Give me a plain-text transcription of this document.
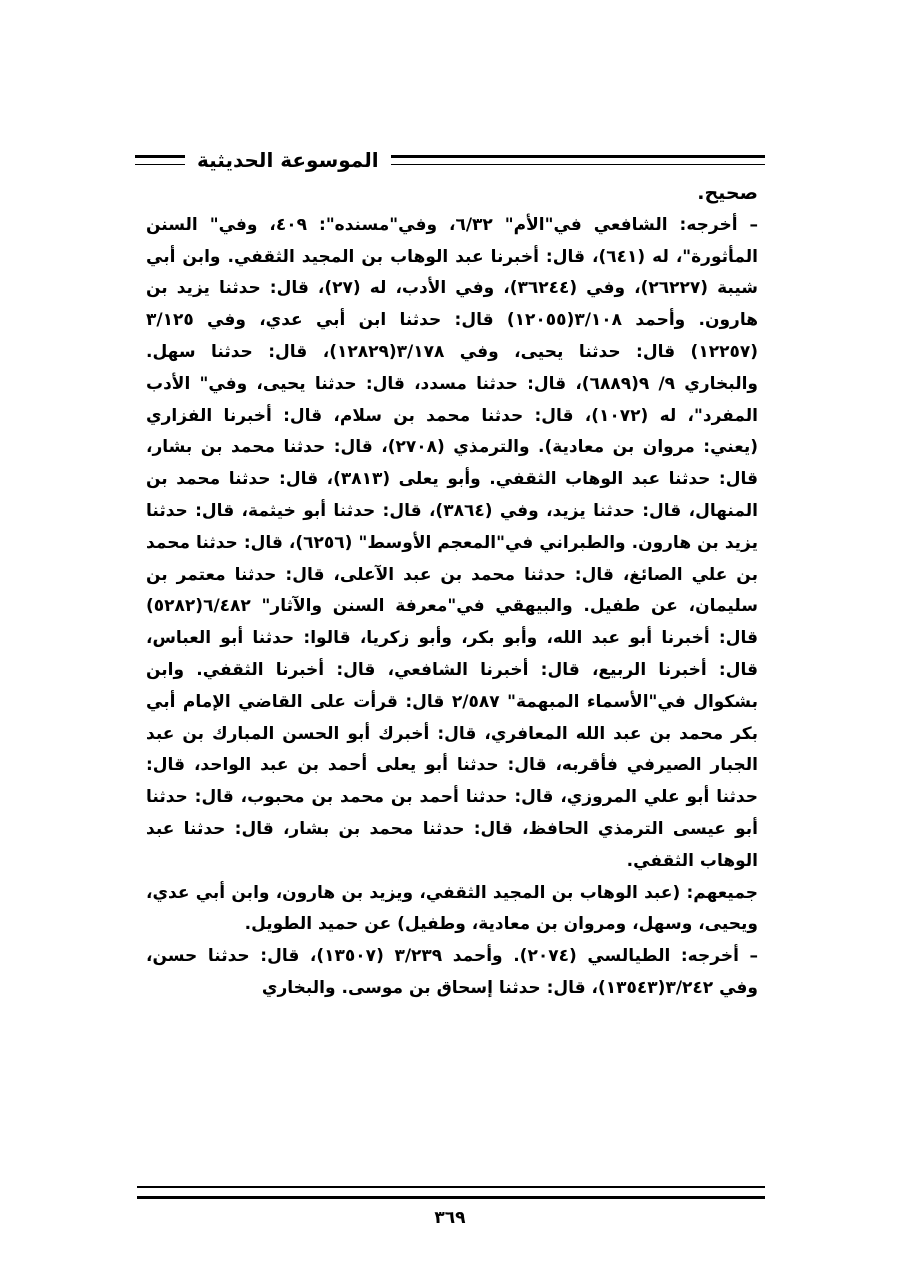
الموسوعة الحديثية

صحيح.

– أخرجه: الشافعي في"الأم" ٦/٣٢، وفي"مسنده": ٤٠٩، وفي" السنن المأثورة"، له (٦٤١)، قال: أخبرنا عبد الوهاب بن المجيد الثقفي. وابن أبي شيبة (٢٦٢٢٧)، وفي (٣٦٢٤٤)، وفي الأدب، له (٢٧)، قال: حدثنا يزيد بن هارون. وأحمد ٣/١٠٨(١٢٠٥٥) قال: حدثنا ابن أبي عدي، وفي ٣/١٢٥ (١٢٢٥٧) قال: حدثنا يحيى، وفي ٣/١٧٨(١٢٨٢٩)، قال: حدثنا سهل. والبخاري ٩/ ٩(٦٨٨٩)، قال: حدثنا مسدد، قال: حدثنا يحيى، وفي" الأدب المفرد"، له (١٠٧٢)، قال: حدثنا محمد بن سلام، قال: أخبرنا الفزاري (يعني: مروان بن معادية). والترمذي (٢٧٠٨)، قال: حدثنا محمد بن بشار، قال: حدثنا عبد الوهاب الثقفي. وأبو يعلى (٣٨١٣)، قال: حدثنا محمد بن المنهال، قال: حدثنا يزيد، وفي (٣٨٦٤)، قال: حدثنا أبو خيثمة، قال: حدثنا يزيد بن هارون. والطبراني في"المعجم الأوسط" (٦٢٥٦)، قال: حدثنا محمد بن علي الصائغ، قال: حدثنا محمد بن عبد الآعلى، قال: حدثنا معتمر بن سليمان، عن طفيل. والبيهقي في"معرفة السنن والآثار" ٦/٤٨٢(٥٢٨٢) قال: أخبرنا أبو عبد الله، وأبو بكر، وأبو زكريا، قالوا: حدثنا أبو العباس، قال: أخبرنا الربيع، قال: أخبرنا الشافعي، قال: أخبرنا الثقفي. وابن بشكوال في"الأسماء المبهمة" ٢/٥٨٧ قال: قرأت على القاضي الإمام أبي بكر محمد بن عبد الله المعافري، قال: أخبرك أبو الحسن المبارك بن عبد الجبار الصيرفي فأقربه، قال: حدثنا أبو يعلى أحمد بن عبد الواحد، قال: حدثنا أبو علي المروزي، قال: حدثنا أحمد بن محمد بن محبوب، قال: حدثنا أبو عيسى الترمذي الحافظ، قال: حدثنا محمد بن بشار، قال: حدثنا عبد الوهاب الثقفي.

جميعهم: (عبد الوهاب بن المجيد الثقفي، ويزيد بن هارون، وابن أبي عدي، ويحيى، وسهل، ومروان بن معادية، وطفيل) عن حميد الطويل.

– أخرجه: الطيالسي (٢٠٧٤). وأحمد ٣/٢٣٩ (١٣٥٠٧)، قال: حدثنا حسن، وفي ٣/٢٤٢(١٣٥٤٣)، قال: حدثنا إسحاق بن موسى. والبخاري

٣٦٩
